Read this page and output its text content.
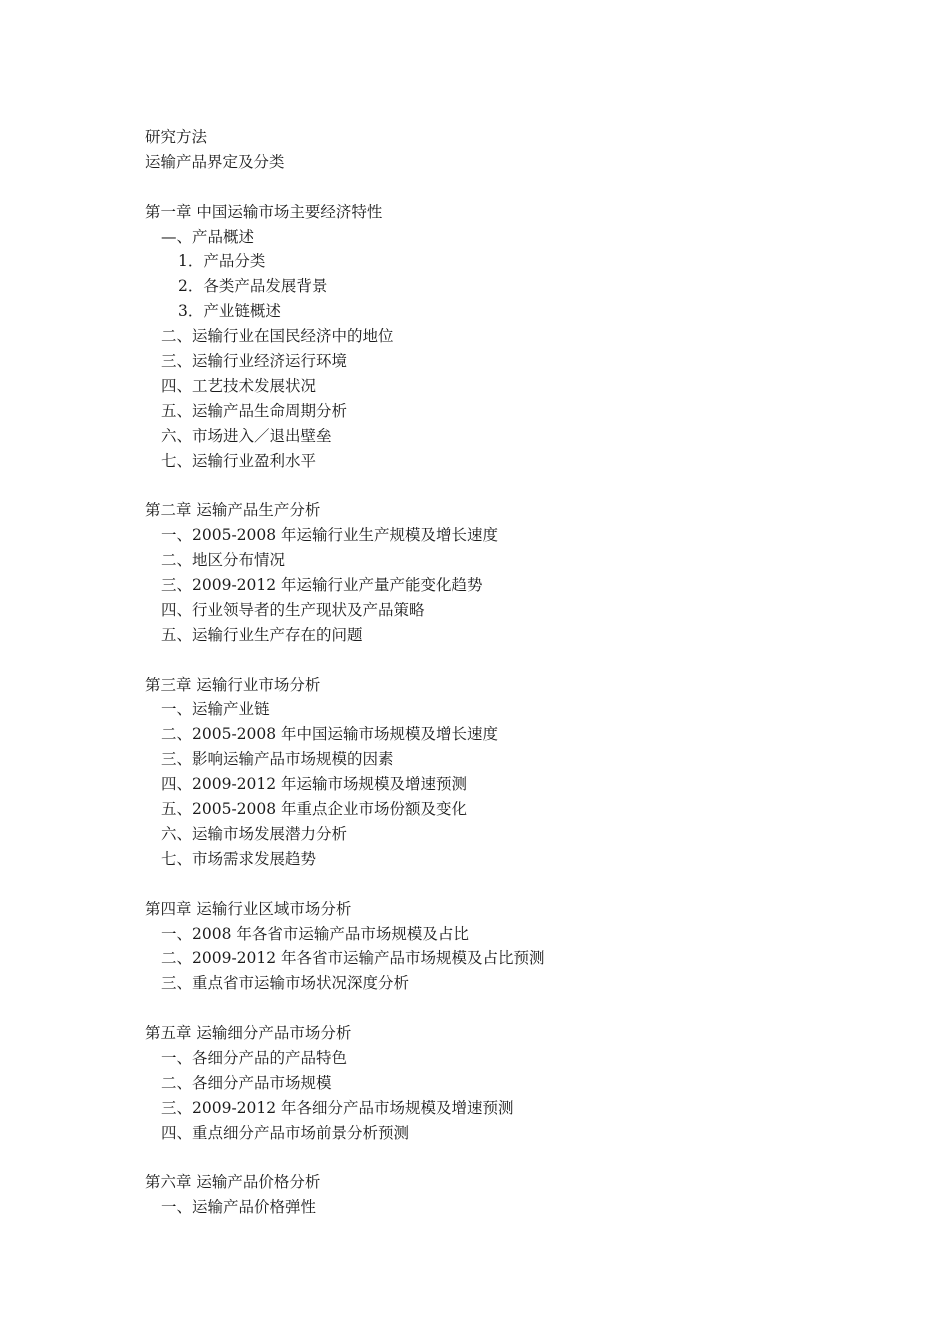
研究方法
运输产品界定及分类
第一章 中国运输市场主要经济特性
—、产品概述
1．产品分类
2．各类产品发展背景
3．产业链概述
二、运输行业在国民经济中的地位
三、运输行业经济运行环境
四、工艺技术发展状况
五、运输产品生命周期分析
六、市场进入／退出壁垒
七、运输行业盈利水平
第二章 运输产品生产分析
一、2005-2008 年运输行业生产规模及增长速度
二、地区分布情况
三、2009-2012 年运输行业产量产能变化趋势
四、行业领导者的生产现状及产品策略
五、运输行业生产存在的问题
第三章 运输行业市场分析
一、运输产业链
二、2005-2008 年中国运输市场规模及增长速度
三、影响运输产品市场规模的因素
四、2009-2012 年运输市场规模及增速预测
五、2005-2008 年重点企业市场份额及变化
六、运输市场发展潜力分析
七、市场需求发展趋势
第四章 运输行业区域市场分析
一、2008 年各省市运输产品市场规模及占比
二、2009-2012 年各省市运输产品市场规模及占比预测
三、重点省市运输市场状况深度分析
第五章 运输细分产品市场分析
一、各细分产品的产品特色
二、各细分产品市场规模
三、2009-2012 年各细分产品市场规模及增速预测
四、重点细分产品市场前景分析预测
第六章 运输产品价格分析
一、运输产品价格弹性
